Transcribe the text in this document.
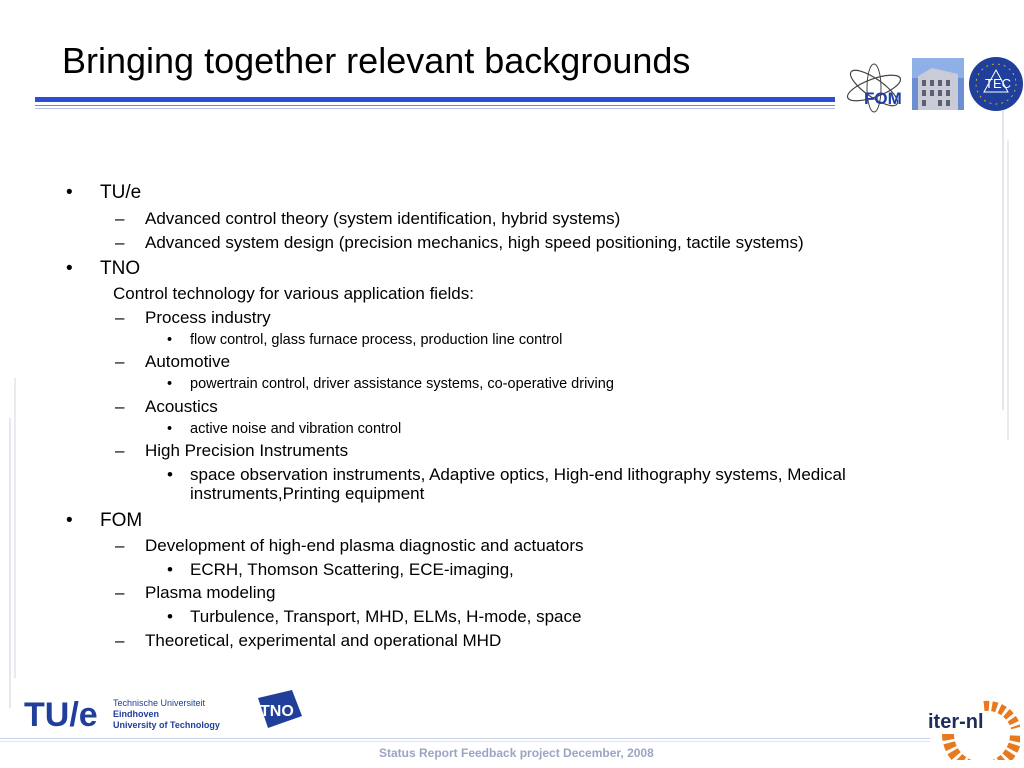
Bringing together relevant backgrounds
FOM
TEC
• TU/e
– Advanced control theory (system identification, hybrid systems)
– Advanced system design (precision mechanics, high speed positioning, tactile systems)
• TNO
Control technology for various application fields:
– Process industry
• flow control, glass furnace process, production line control
– Automotive
• powertrain control, driver assistance systems, co-operative driving
– Acoustics
• active noise and vibration control
– High Precision Instruments
• space observation instruments, Adaptive optics, High-end lithography systems, Medical
instruments,Printing equipment
• FOM
– Development of high-end plasma diagnostic and actuators
• ECRH, Thomson Scattering, ECE-imaging,
– Plasma modeling
• Turbulence, Transport, MHD, ELMs, H-mode, space
– Theoretical, experimental and operational MHD
TU/e Technische Universiteit
Eindhoven
University of Technology
TNO
Status Report Feedback project December, 2008
iter-nl
